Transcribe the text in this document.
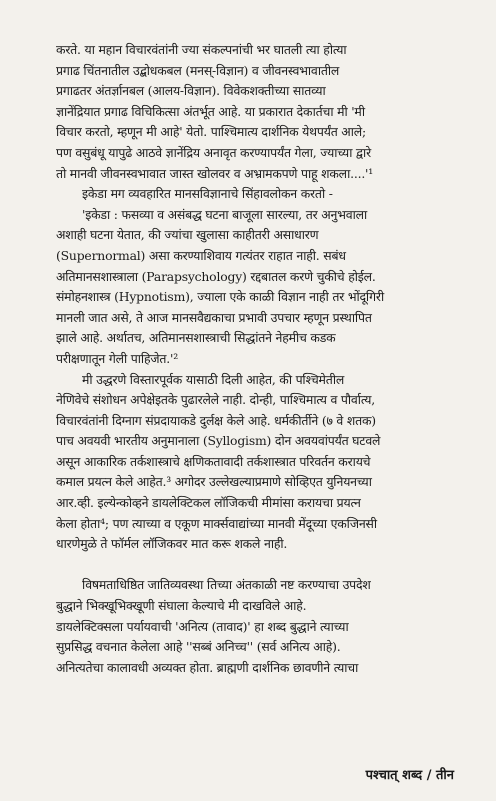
करते. या महान विचारवंतांनी ज्या संकल्पनांची भर घातली त्या होत्या
प्रगाढ चिंतनातील उद्बोधकबल (मनस्-विज्ञान) व जीवनस्वभावातील
प्रगाढतर अंतर्ज्ञानबल (आलय-विज्ञान). विवेकशक्तीच्या सातव्या
ज्ञानेंद्रियात प्रगाढ विचिकित्सा अंतर्भूत आहे. या प्रकारात देकार्तचा मी 'मी
विचार करतो, म्हणून मी आहे' येतो. पाश्चिमात्य दार्शनिक येथपर्यंत आले;
पण वसुबंधू यापुढे आठवे ज्ञानेंद्रिय अनावृत करण्यापर्यंत गेला, ज्याच्या द्वारे
तो मानवी जीवनस्वभावात जास्त खोलवर व अभ्रामकपणे पाहू शकला....'¹
इकेडा मग व्यवहारित मानसविज्ञानाचे सिंहावलोकन करतो -
'इकेडा : फसव्या व असंबद्ध घटना बाजूला सारल्या, तर अनुभवाला
अशाही घटना येतात, की ज्यांचा खुलासा काहीतरी असाधारण
(Supernormal) असा करण्याशिवाय गत्यंतर राहात नाही. सबंध
अतिमानसशास्त्राला (Parapsychology) रद्दबातल करणे चुकीचे होईल.
संमोहनशास्त्र (Hypnotism), ज्याला एके काळी विज्ञान नाही तर भोंदूगिरी
मानली जात असे, ते आज मानसवैद्यकाचा प्रभावी उपचार म्हणून प्रस्थापित
झाले आहे. अर्थातच, अतिमानसशास्त्राची सिद्धांतने नेहमीच कडक
परीक्षणातून गेली पाहिजेत.'²
मी उद्धरणे विस्तारपूर्वक यासाठी दिली आहेत, की पश्चिमेतील
नेणिवेचे संशोधन अपेक्षेइतके पुढारलेले नाही. दोन्ही, पाश्चिमात्य व पौर्वात्य,
विचारवंतांनी दिग्नाग संप्रदायाकडे दुर्लक्ष केले आहे. धर्मकीर्तीने (७ वे शतक)
पाच अवयवी भारतीय अनुमानाला (Syllogism) दोन अवयवांपर्यंत घटवले
असून आकारिक तर्कशास्त्राचे क्षणिकतावादी तर्कशास्त्रात परिवर्तन करायचे
कमाल प्रयत्न केले आहेत.³ अगोदर उल्लेखल्याप्रमाणे सोव्हिएत युनियनच्या
आर.व्ही. इल्येन्कोव्हने डायलेक्टिकल लॉजिकची मीमांसा करायचा प्रयत्न
केला होता⁴; पण त्याच्या व एकूण मार्क्सवाद्यांच्या मानवी मेंदूच्या एकजिनसी
धारणेमुळे ते फॉर्मल लॉजिकवर मात करू शकले नाही.
विषमताधिष्ठित जातिव्यवस्था तिच्या अंतकाळी नष्ट करण्याचा उपदेश
बुद्धाने भिक्खूभिक्खूणी संघाला केल्याचे मी दाखविले आहे.
डायलेक्टिक्सला पर्यायवाची 'अनित्य (तावाद)' हा शब्द बुद्धाने त्याच्या
सुप्रसिद्ध वचनात केलेला आहे ''सब्बं अनिच्च'' (सर्व अनित्य आहे).
अनित्यतेचा कालावधी अव्यक्त होता. ब्राह्मणी दार्शनिक छावणीने त्याचा
पश्चात् शब्द / तीन
